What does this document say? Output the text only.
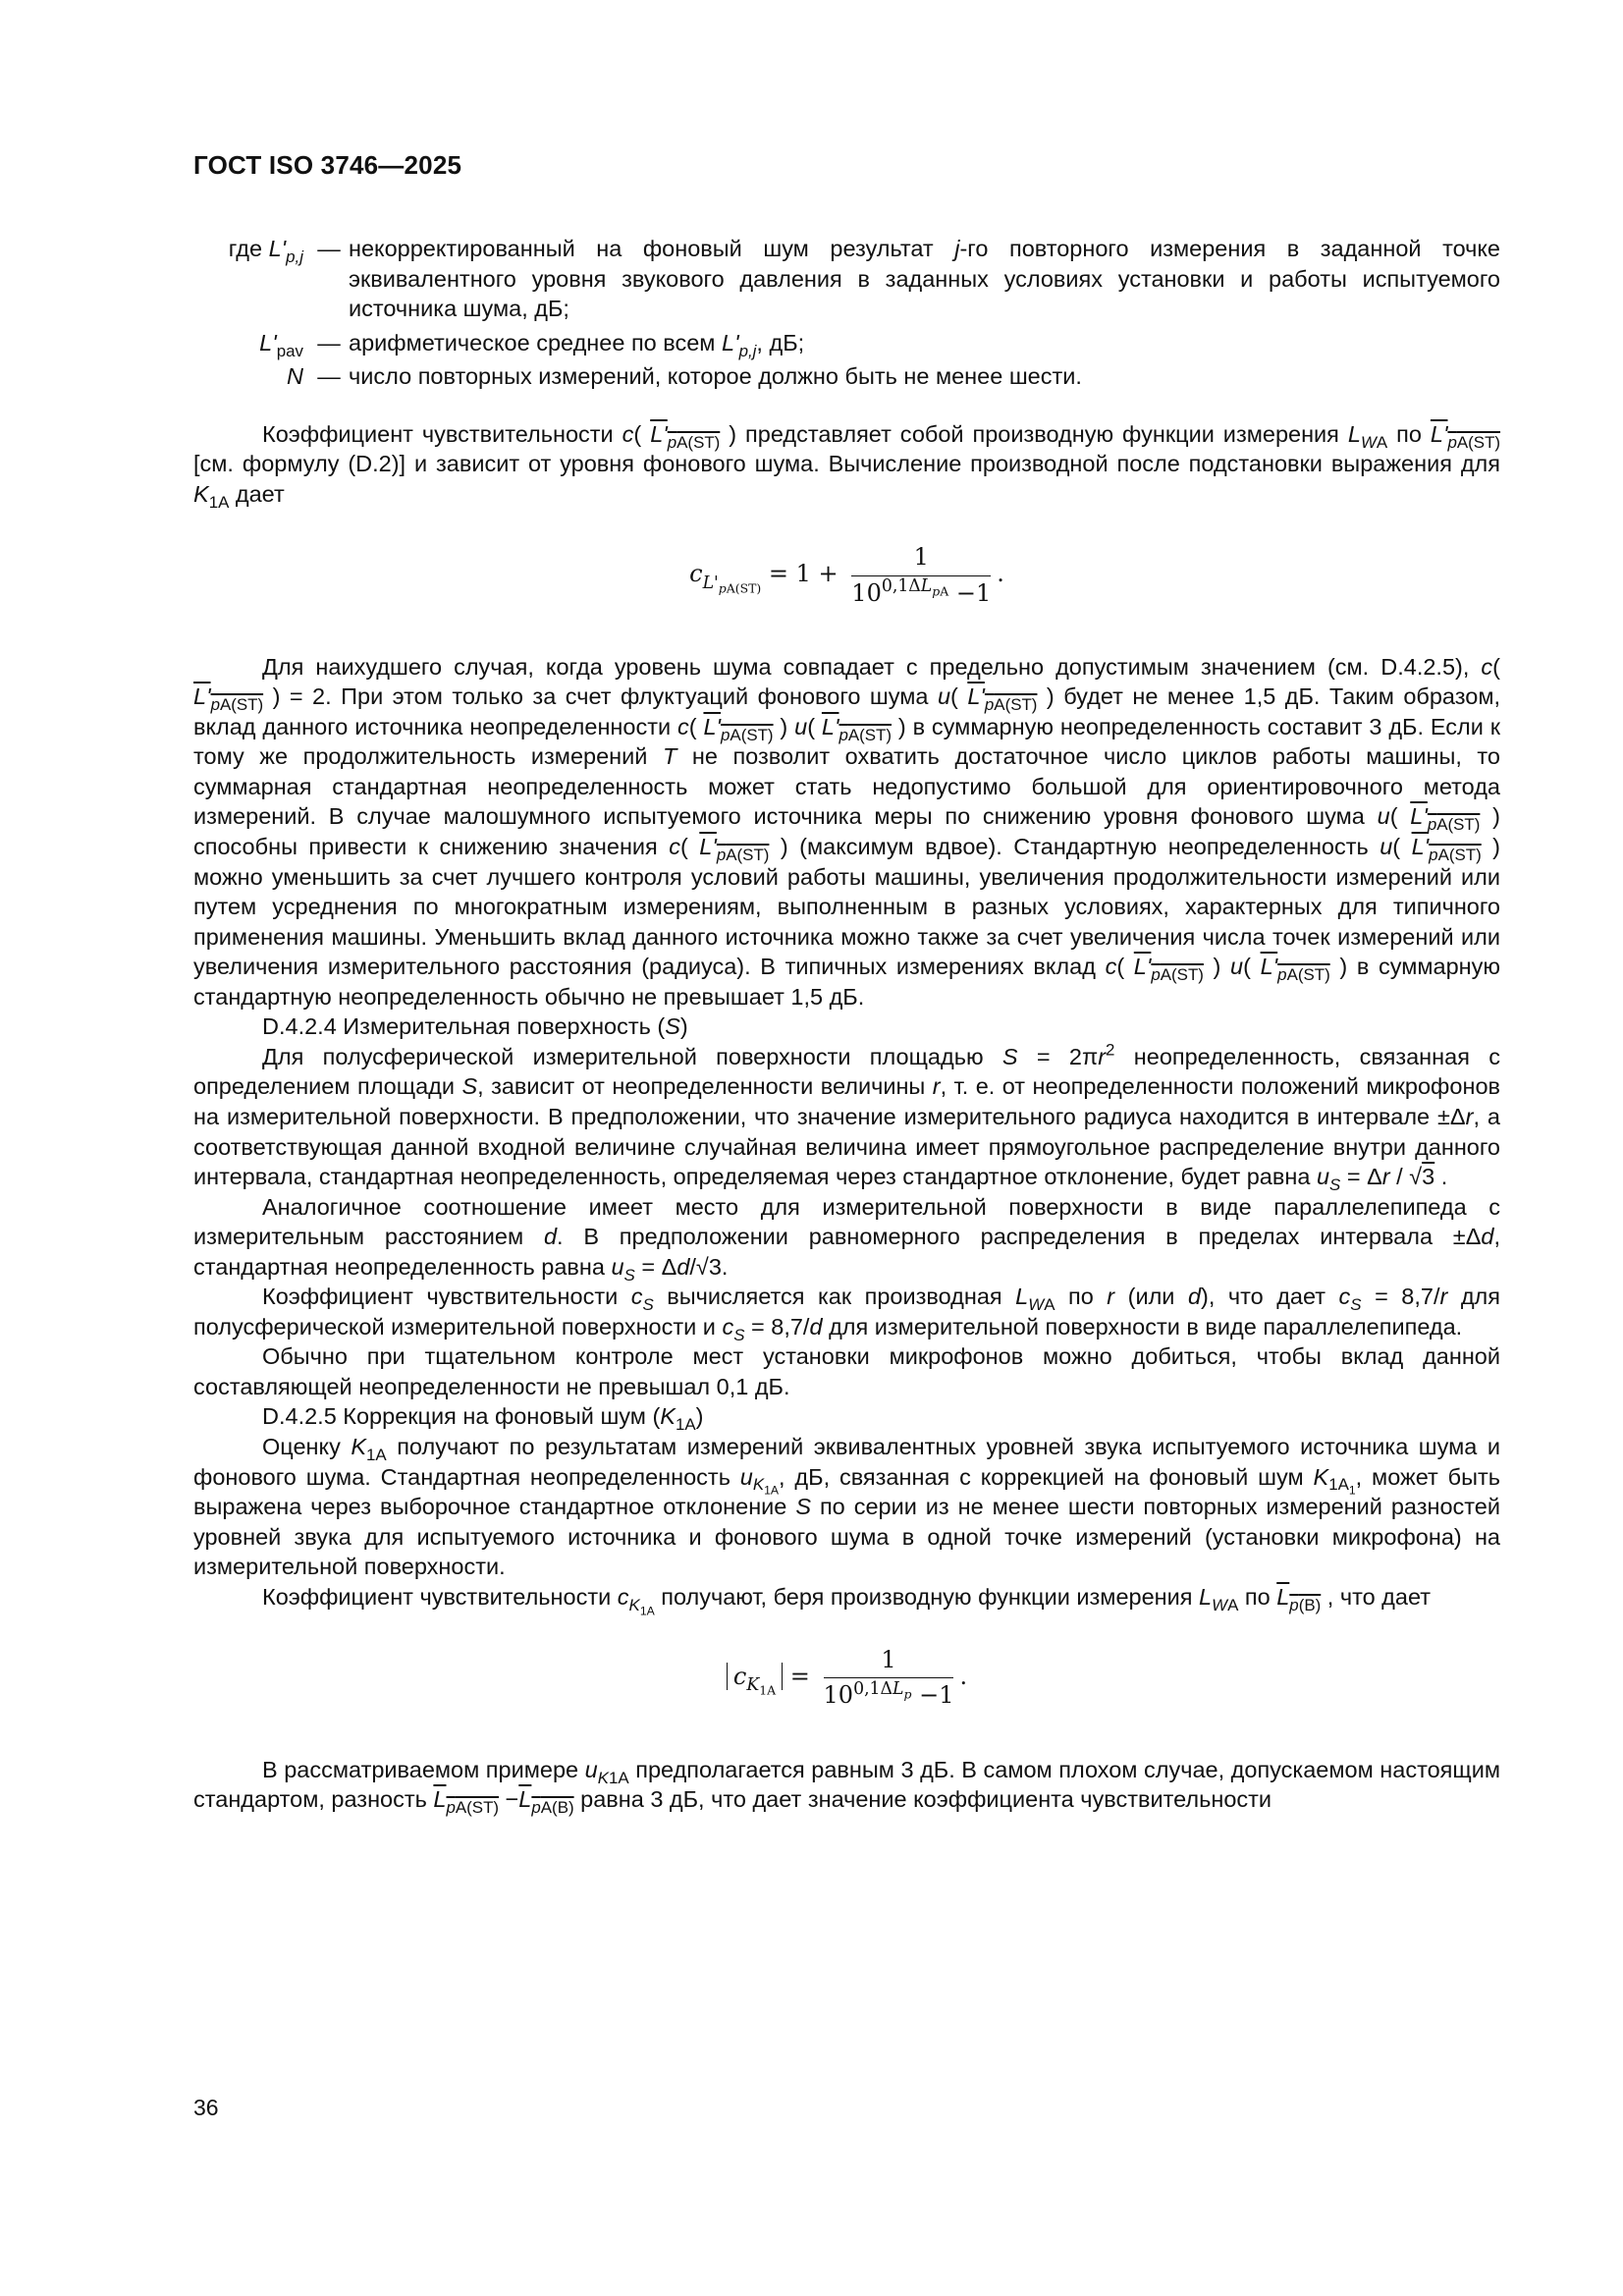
ГОСТ ISO 3746—2025
где $L'_{p,j}$ — некорректированный на фоновый шум результат j-го повторного измерения в заданной точке эквивалентного уровня звукового давления в заданных условиях установки и работы испытуемого источника шума, дБ;
$L'_{pav}$ — арифметическое среднее по всем $L'_{p,j}$, дБ;
N — число повторных измерений, которое должно быть не менее шести.

Коэффициент чувствительности c( $L'_{pA(ST)}$ ) представляет собой производную функции измерения $L_{WA}$ по $L'_{pA(ST)}$ [см. формулу (D.2)] и зависит от уровня фонового шума. Вычисление производной после подстановки выражения для $K_{1A}$ дает

$c_{L'_{pA(ST)}} = 1 + \frac{1}{10^{0,1\Delta L_{pA}} -1}$ .

Для наихудшего случая, когда уровень шума совпадает с предельно допустимым значением (см. D.4.2.5), c( $L'_{pA(ST)}$ ) = 2. При этом только за счет флуктуаций фонового шума u( $L'_{pA(ST)}$ ) будет не менее 1,5 дБ. Таким образом, вклад данного источника неопределенности c( $L'_{pA(ST)}$ ) u( $L'_{pA(ST)}$ ) в суммарную неопределенность составит 3 дБ. Если к тому же продолжительность измерений T не позволит охватить достаточное число циклов работы машины, то суммарная стандартная неопределенность может стать недопустимо большой для ориентировочного метода измерений. В случае малошумного испытуемого источника меры по снижению уровня фонового шума u( $L'_{pA(ST)}$ ) способны привести к снижению значения c( $L'_{pA(ST)}$ ) (максимум вдвое). Стандартную неопределенность u( $L'_{pA(ST)}$ ) можно уменьшить за счет лучшего контроля условий работы машины, увеличения продолжительности измерений или путем усреднения по многократным измерениям, выполненным в разных условиях, характерных для типичного применения машины. Уменьшить вклад данного источника можно также за счет увеличения числа точек измерений или увеличения измерительного расстояния (радиуса). В типичных измерениях вклад c( $L'_{pA(ST)}$ ) u( $L'_{pA(ST)}$ ) в суммарную стандартную неопределенность обычно не превышает 1,5 дБ.

D.4.2.4 Измерительная поверхность (S)

Для полусферической измерительной поверхности площадью $S = 2\pi r^2$ неопределенность, связанная с определением площади S, зависит от неопределенности величины r, т. е. от неопределенности положений микрофонов на измерительной поверхности. В предположении, что значение измерительного радиуса находится в интервале ±Δr, а соответствующая данной входной величине случайная величина имеет прямоугольное распределение внутри данного интервала, стандартная неопределенность, определяемая через стандартное отклонение, будет равна $u_S = \Delta r / √3$ .

Аналогичное соотношение имеет место для измерительной поверхности в виде параллелепипеда с измерительным расстоянием d. В предположении равномерного распределения в пределах интервала ±Δd, стандартная неопределенность равна $u_S = \Delta d/√3$.

Коэффициент чувствительности $c_S$ вычисляется как производная $L_{WA}$ по r (или d), что дает $c_S = 8,7/r$ для полусферической измерительной поверхности и $c_S = 8,7/d$ для измерительной поверхности в виде параллелепипеда.

Обычно при тщательном контроле мест установки микрофонов можно добиться, чтобы вклад данной составляющей неопределенности не превышал 0,1 дБ.

D.4.2.5 Коррекция на фоновый шум $(K_{1A})$

Оценку $K_{1A}$ получают по результатам измерений эквивалентных уровней звука испытуемого источника шума и фонового шума. Стандартная неопределенность $u_{K_{1A}}$, дБ, связанная с коррекцией на фоновый шум $K_{1A_1}$, может быть выражена через выборочное стандартное отклонение S по серии из не менее шести повторных измерений разностей уровней звука для испытуемого источника и фонового шума в одной точке измерений (установки микрофона) на измерительной поверхности.

Коэффициент чувствительности $c_{K_{1A}}$ получают, беря производную функции измерения $L_{WA}$ по $L_{p(B)}$ , что дает

$c_{K_{1A}} = \frac{1}{10^{0,1\Delta L_p} -1}$ .

В рассматриваемом примере $u_{K1A}$ предполагается равным 3 дБ. В самом плохом случае, допускаемом настоящим стандартом, разность $L_{pA(ST)} -L_{pA(B)}$ равна 3 дБ, что дает значение коэффициента чувствительности

36
